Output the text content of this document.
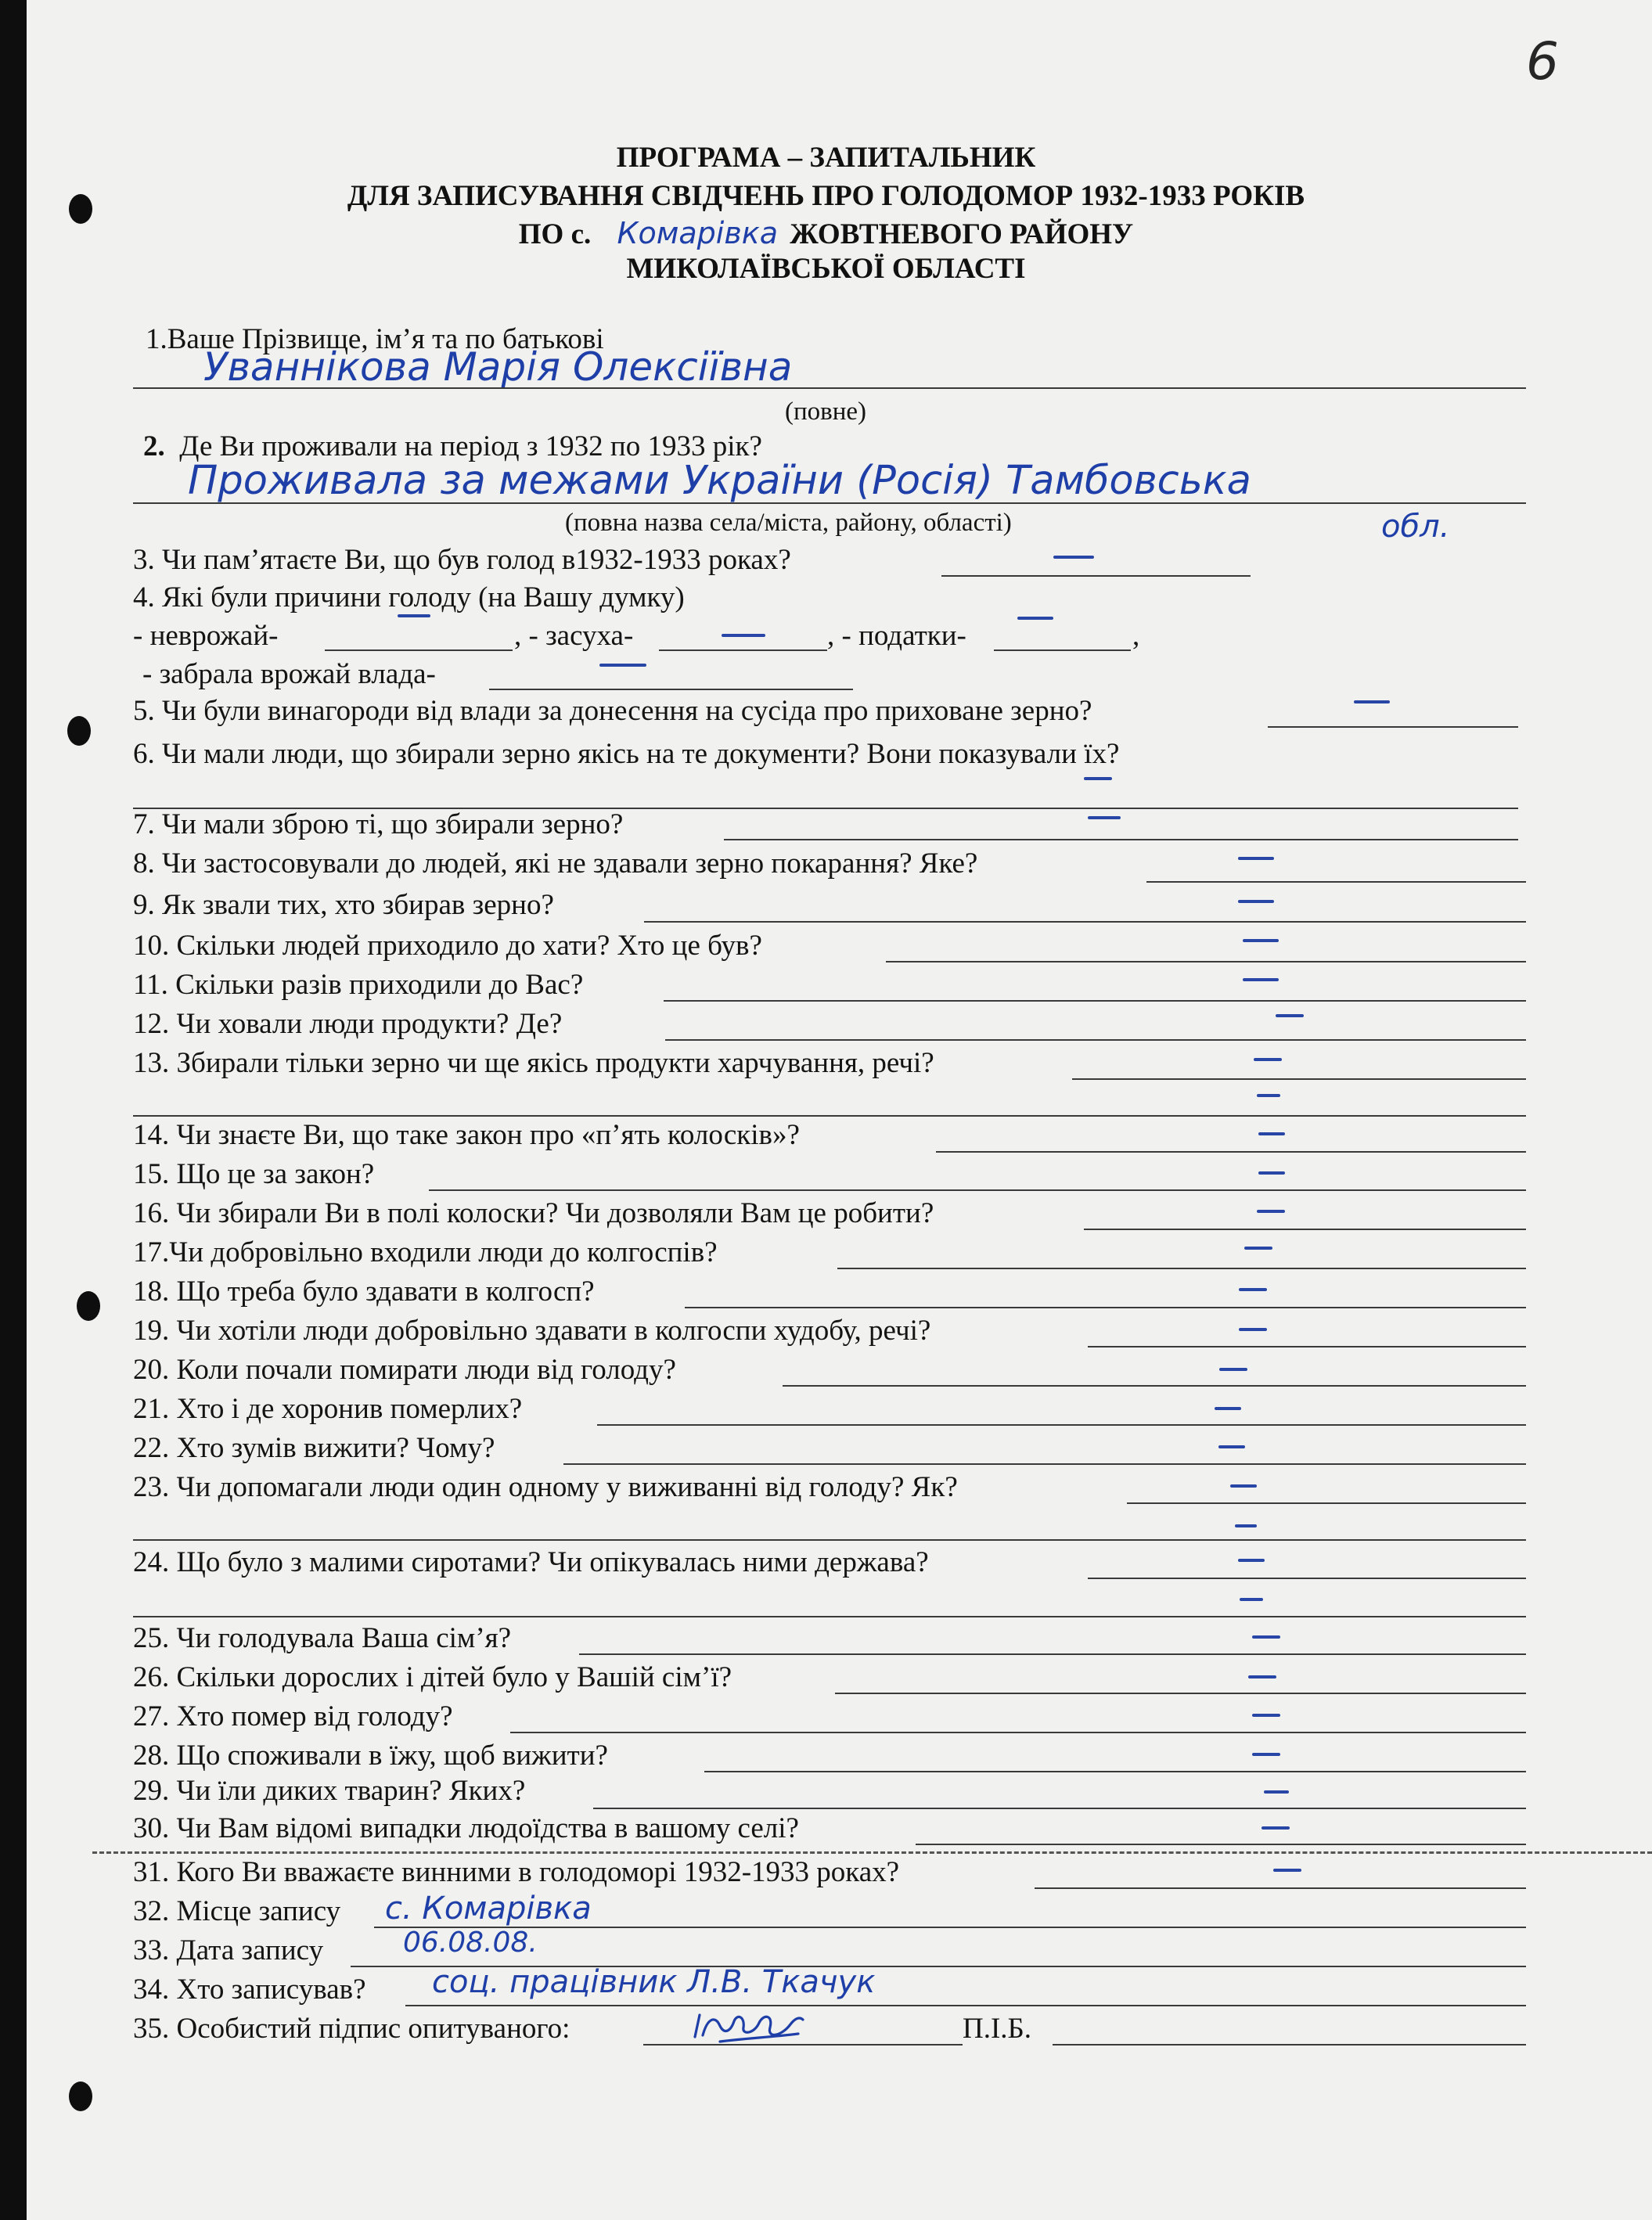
6
ПРОГРАМА – ЗАПИТАЛЬНИК
ДЛЯ ЗАПИСУВАННЯ СВІДЧЕНЬ ПРО ГОЛОДОМОР 1932-1933 РОКІВ
ПО с. Комарівка ЖОВТНЕВОГО РАЙОНУ
МИКОЛАЇВСЬКОЇ ОБЛАСТІ
1.Ваше Прізвище, ім’я та по батькові
Уваннікова Марія Олексіївна
(повне)
2. Де Ви проживали на період з 1932 по 1933 рік?
Проживала за межами України (Росія) Тамбовська
(повна назва села/міста, району, області)	обл.
3. Чи пам’ятаєте Ви, що був голод в1932-1933 роках?
4. Які були причини голоду (на Вашу думку)
- неврожай-	, - засуха-	, - податки-	,
- забрала врожай влада-
5. Чи були винагороди від влади за донесення на сусіда про приховане зерно?
6. Чи мали люди, що збирали зерно якісь на те документи? Вони показували їх?
7. Чи мали зброю ті, що збирали зерно?
8. Чи застосовували до людей, які не здавали зерно покарання? Яке?
9. Як звали тих, хто збирав зерно?
10. Скільки людей приходило до хати? Хто це був?
11. Скільки разів приходили до Вас?
12. Чи ховали люди продукти? Де?
13. Збирали тільки зерно чи ще якісь продукти харчування, речі?
14. Чи знаєте Ви, що таке закон про «п’ять колосків»?
15. Що це за закон?
16. Чи збирали Ви в полі колоски? Чи дозволяли Вам це робити?
17.Чи добровільно входили люди до колгоспів?
18. Що треба було здавати в колгосп?
19. Чи хотіли люди добровільно здавати в колгоспи худобу, речі?
20. Коли почали помирати люди від голоду?
21. Хто і де хоронив померлих?
22. Хто зумів вижити? Чому?
23. Чи допомагали люди один одному у виживанні від голоду? Як?
24. Що було з малими сиротами? Чи опікувалась ними держава?
25. Чи голодувала Ваша сім’я?
26. Скільки дорослих і дітей було у Вашій сім’ї?
27. Хто помер від голоду?
28. Що споживали в їжу, щоб вижити?
29. Чи їли диких тварин? Яких?
30. Чи Вам відомі випадки людоїдства в вашому селі?
31. Кого Ви вважаєте винними в голодоморі 1932-1933 роках?
32. Місце запису с. Комарівка
33. Дата запису	06.08.08.
34. Хто записував? соц. працівник Л.В. Ткачук
35. Особистий підпис опитуваного:	П.І.Б.
